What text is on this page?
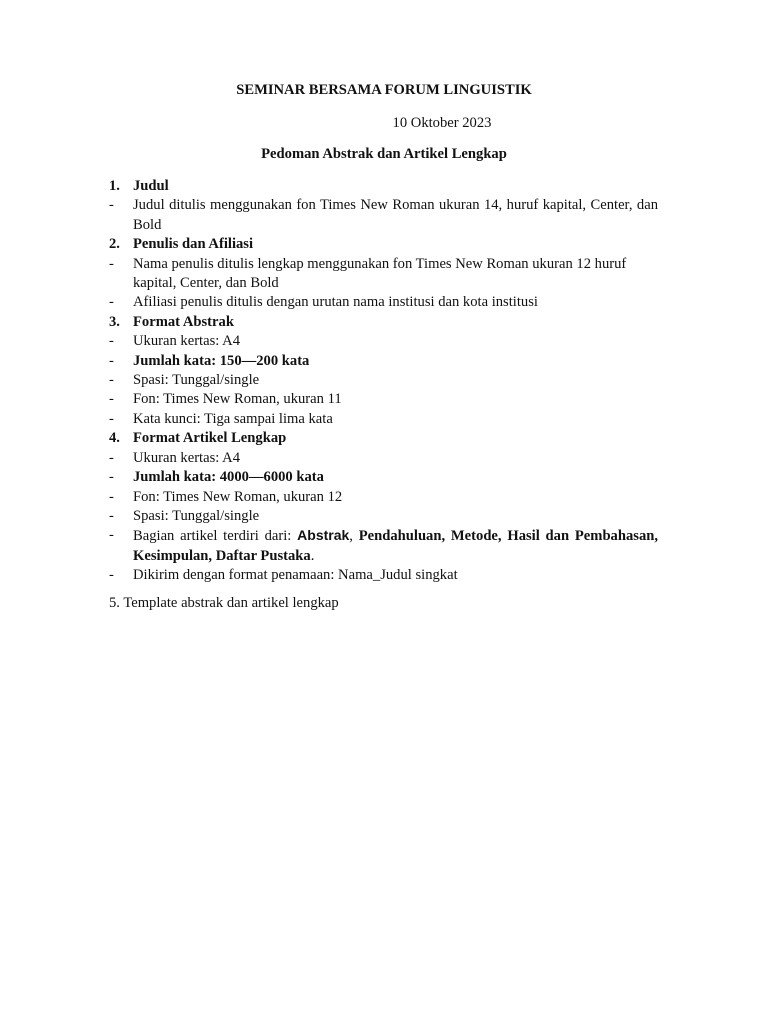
SEMINAR BERSAMA FORUM LINGUISTIK
10 Oktober 2023
Pedoman Abstrak dan Artikel Lengkap
1. Judul
-	Judul ditulis menggunakan fon Times New Roman ukuran 14, huruf kapital, Center, dan Bold
2. Penulis dan Afiliasi
-	Nama penulis ditulis lengkap menggunakan fon Times New Roman ukuran 12 huruf kapital, Center, dan Bold
-	Afiliasi penulis ditulis dengan urutan nama institusi dan kota institusi
3. Format Abstrak
-	Ukuran kertas: A4
-	Jumlah kata: 150—200 kata
-	Spasi: Tunggal/single
-	Fon: Times New Roman, ukuran 11
-	Kata kunci: Tiga sampai lima kata
4. Format Artikel Lengkap
-	Ukuran kertas: A4
-	Jumlah kata: 4000—6000 kata
-	Fon: Times New Roman, ukuran 12
-	Spasi: Tunggal/single
-	Bagian artikel terdiri dari: Abstrak, Pendahuluan, Metode, Hasil dan Pembahasan, Kesimpulan, Daftar Pustaka.
-	Dikirim dengan format penamaan: Nama_Judul singkat
5. Template abstrak dan artikel lengkap
